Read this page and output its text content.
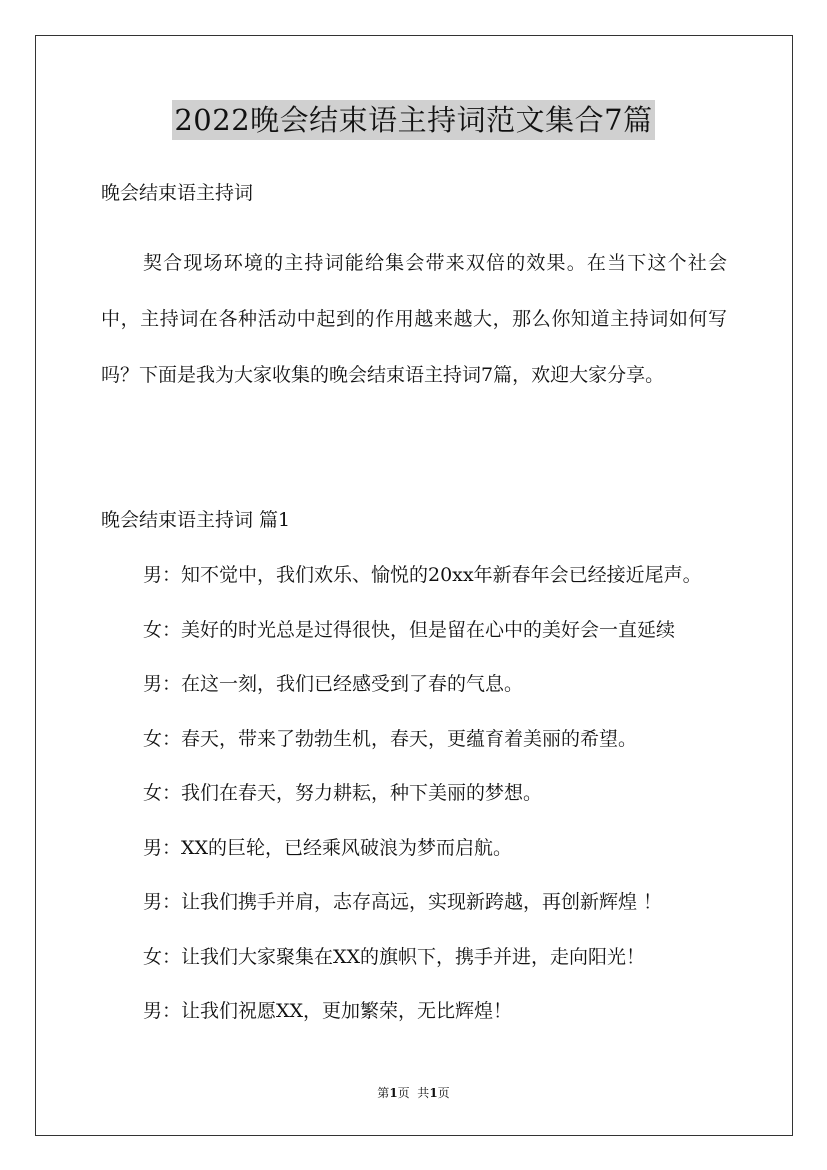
2022晚会结束语主持词范文集合7篇
晚会结束语主持词

契合现场环境的主持词能给集会带来双倍的效果。在当下这个社会中，主持词在各种活动中起到的作用越来越大，那么你知道主持词如何写吗？下面是我为大家收集的晚会结束语主持词7篇，欢迎大家分享。

晚会结束语主持词 篇1
男：知不觉中，我们欢乐、愉悦的20xx年新春年会已经接近尾声。
女：美好的时光总是过得很快，但是留在心中的美好会一直延续
男：在这一刻，我们已经感受到了春的气息。
女：春天，带来了勃勃生机，春天，更蕴育着美丽的希望。
女：我们在春天，努力耕耘，种下美丽的梦想。
男：XX的巨轮，已经乘风破浪为梦而启航。
男：让我们携手并肩，志存高远，实现新跨越，再创新辉煌 ！
女：让我们大家聚集在XX的旗帜下，携手并进，走向阳光！
男：让我们祝愿XX，更加繁荣，无比辉煌！
第1页  共1页
